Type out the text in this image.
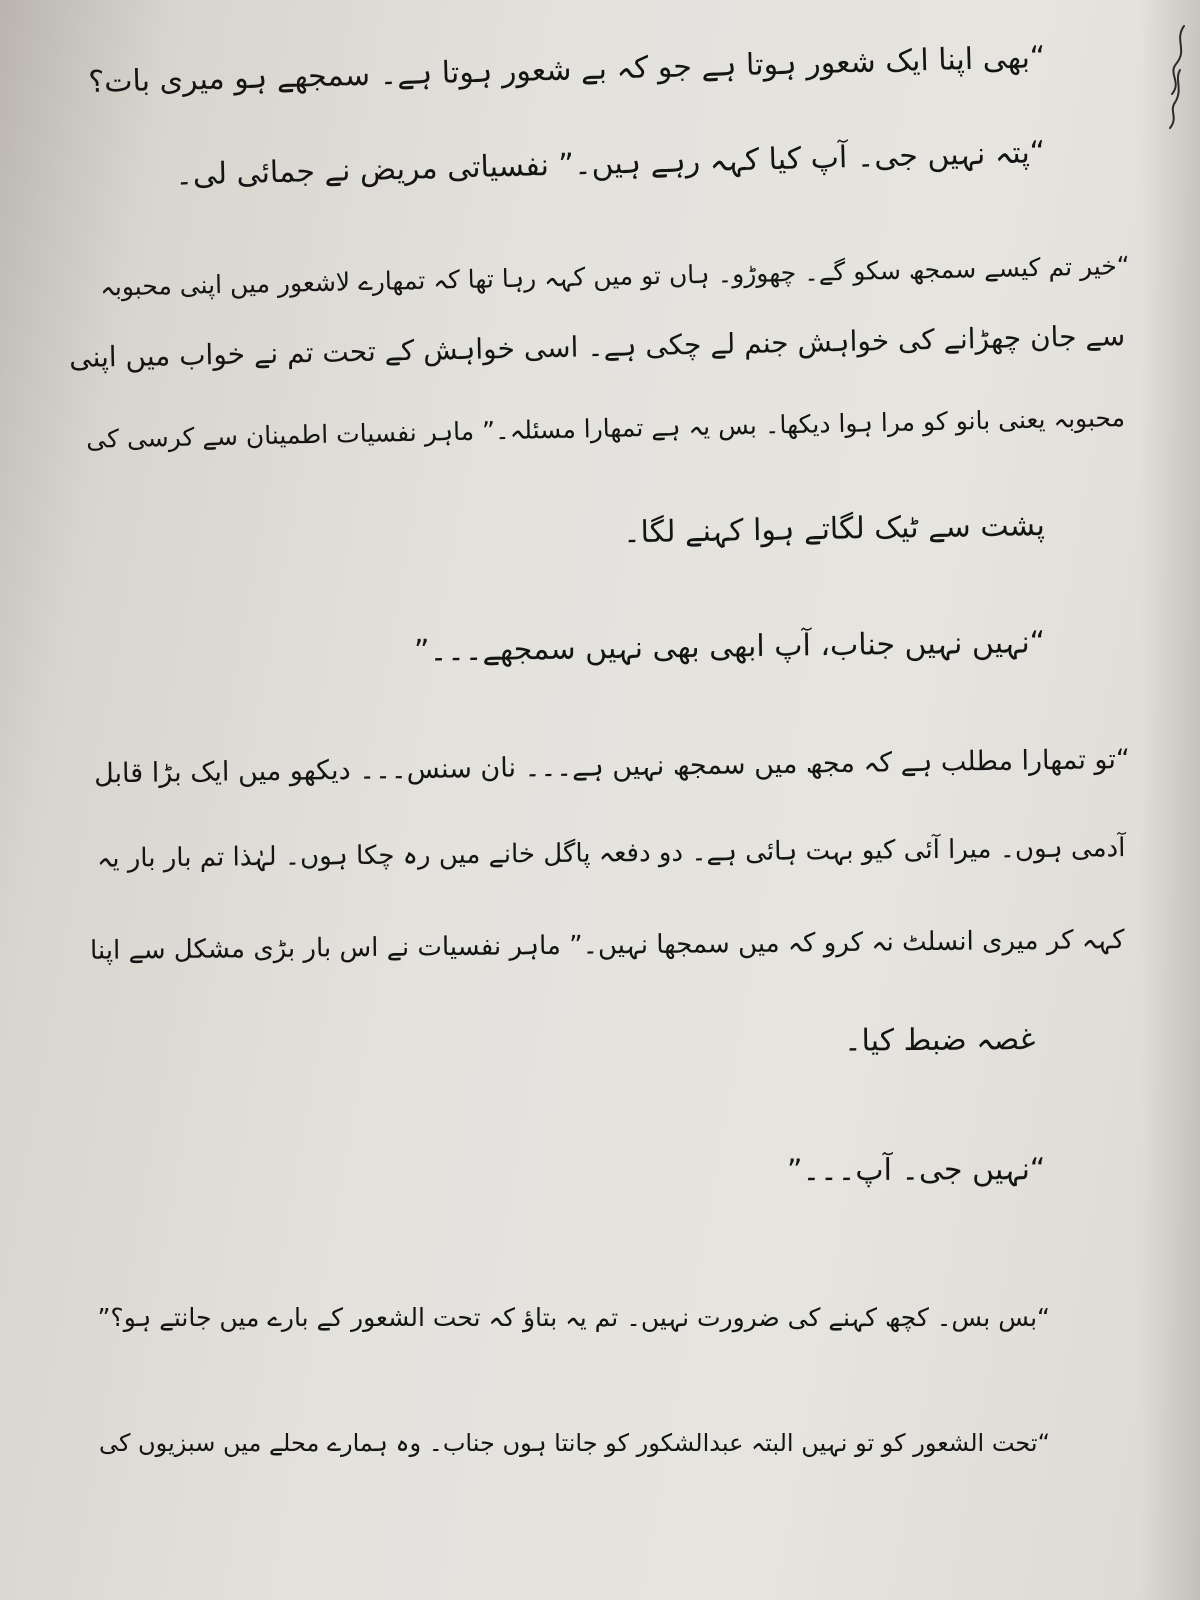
“بھی اپنا ایک شعور ہوتا ہے جو کہ بے شعور ہوتا ہے۔ سمجھے ہو میری بات؟
“پتہ نہیں جی۔ آپ کیا کہہ رہے ہیں۔” نفسیاتی مریض نے جمائی لی۔
“خیر تم کیسے سمجھ سکو گے۔ چھوڑو۔ ہاں تو میں کہہ رہا تھا کہ تمھارے لاشعور میں اپنی محبوبہ
سے جان چھڑانے کی خواہش جنم لے چکی ہے۔ اسی خواہش کے تحت تم نے خواب میں اپنی
محبوبہ یعنی بانو کو مرا ہوا دیکھا۔ بس یہ ہے تمھارا مسئلہ۔” ماہر نفسیات اطمینان سے کرسی کی
پشت سے ٹیک لگاتے ہوا کہنے لگا۔
“نہیں نہیں جناب، آپ ابھی بھی نہیں سمجھے۔۔۔”
“تو تمھارا مطلب ہے کہ مجھ میں سمجھ نہیں ہے۔۔۔ نان سنس۔۔۔ دیکھو میں ایک بڑا قابل
آدمی ہوں۔ میرا آئی کیو بہت ہائی ہے۔ دو دفعہ پاگل خانے میں رہ چکا ہوں۔ لہٰذا تم بار بار یہ
کہہ کر میری انسلٹ نہ کرو کہ میں سمجھا نہیں۔” ماہر نفسیات نے اس بار بڑی مشکل سے اپنا
غصہ ضبط کیا۔
“نہیں جی۔ آپ۔۔۔”
“بس بس۔ کچھ کہنے کی ضرورت نہیں۔ تم یہ بتاؤ کہ تحت الشعور کے بارے میں جانتے ہو؟”
“تحت الشعور کو تو نہیں البتہ عبدالشکور کو جانتا ہوں جناب۔ وہ ہمارے محلے میں سبزیوں کی
